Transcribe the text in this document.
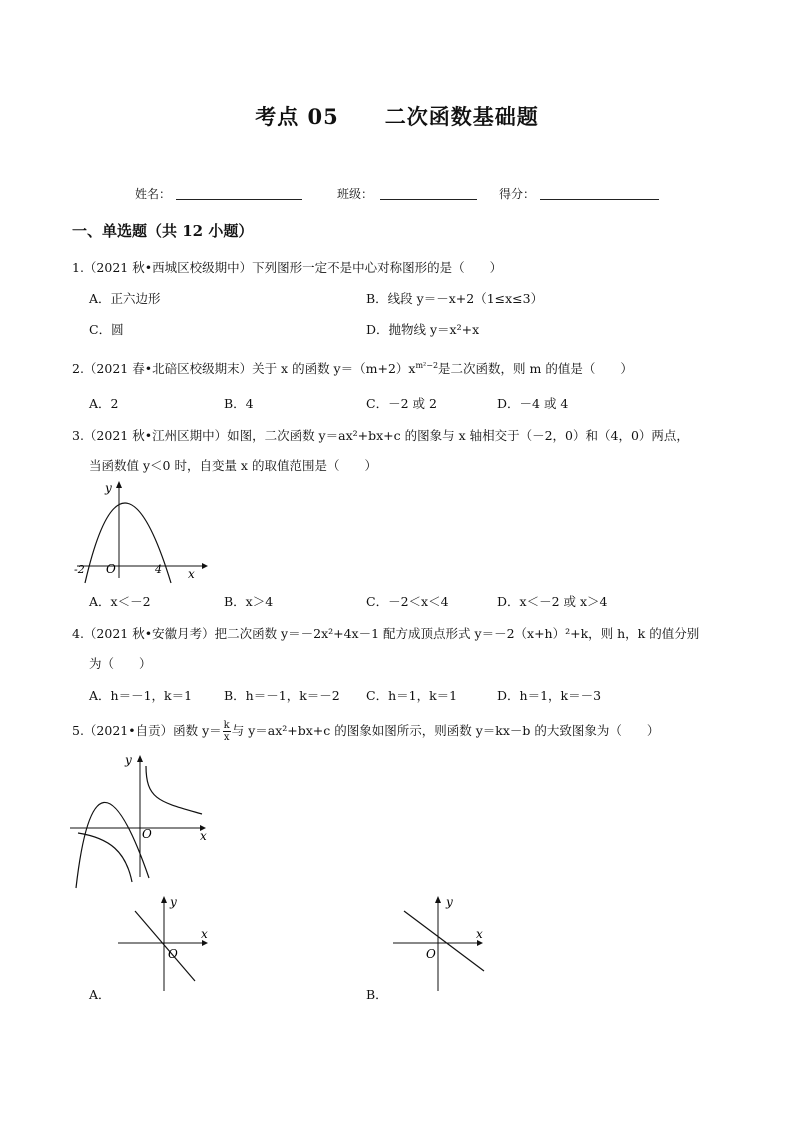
考点 05 二次函数基础题
姓名：	班级：	得分：
一、单选题（共 12 小题）
1.（2021 秋•西城区校级期中）下列图形一定不是中心对称图形的是（　　）
A．正六边形	B．线段 y＝－x+2（1≤x≤3）
C．圆	D．抛物线 y＝x²+x
2.（2021 春•北碚区校级期末）关于 x 的函数 $y=(m+2)x^{m^2-2}$是二次函数，则 m 的值是（　　）
A．2	B．4	C．－2 或 2	D．－4 或 4
3.（2021 秋•江州区期中）如图，二次函数 y＝ax²+bx+c 的图象与 x 轴相交于（－2，0）和（4，0）两点，
当函数值 y＜0 时，自变量 x 的取值范围是（　　）
y
x
-2 O	4
A．x＜－2	B．x＞4	C．－2＜x＜4	D．x＜－2 或 x＞4
4.（2021 秋•安徽月考）把二次函数 y＝－2x²+4x－1 配方成顶点形式 y＝－2（x+h）²+k，则 h，k 的值分别
为（　　）
A．h＝－1，k＝1	B．h＝－1，k＝－2 C．h＝1，k＝1	D．h＝1，k＝－3
5.（2021•自贡）函数 $y= \frac{k}{x}$ 与 y＝ax²+bx+c 的图象如图所示，则函数 y＝kx－b 的大致图象为（　　）
y
x
O
y
x
O
y
x
O
A．	B．
